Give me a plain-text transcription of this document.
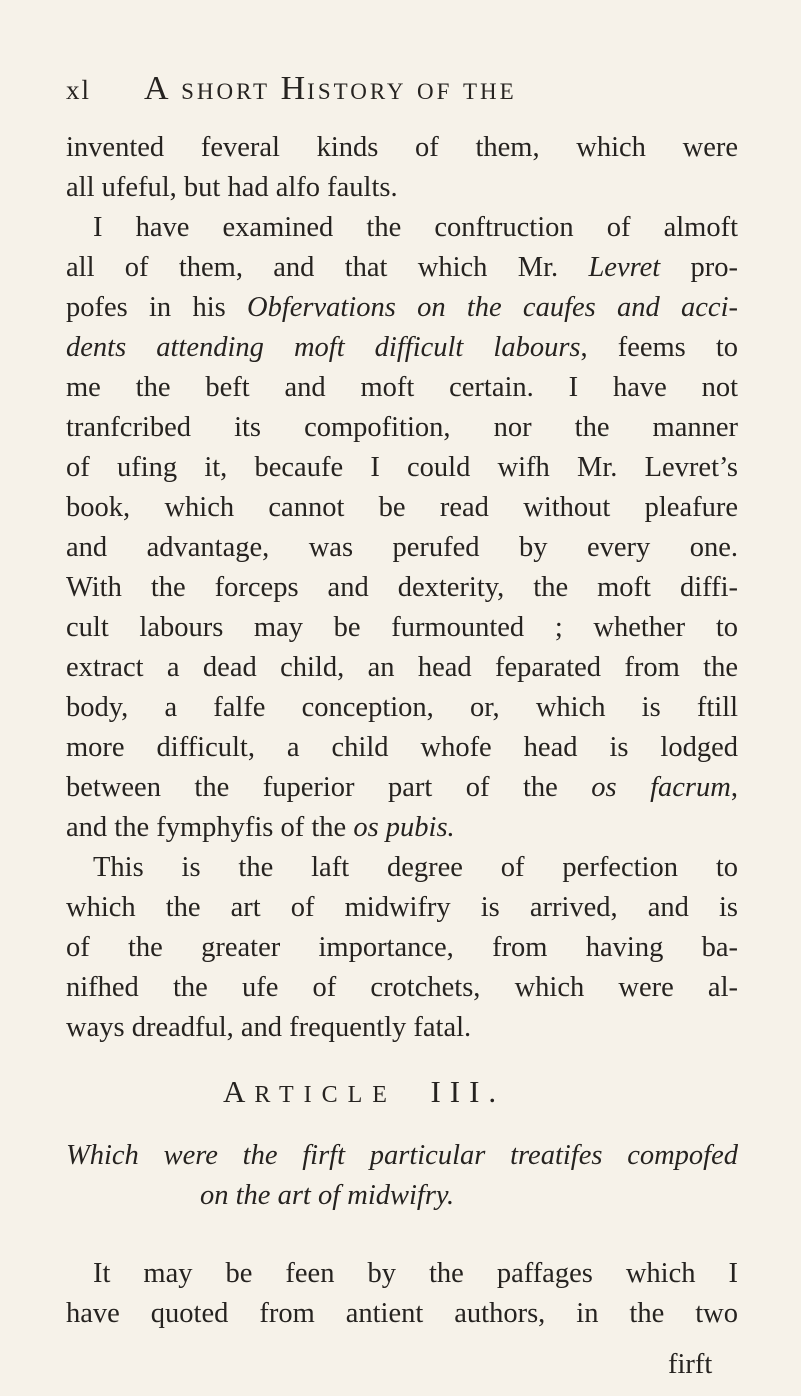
xl A SHORT HISTORY OF THE
invented feveral kinds of them, which were
all ufeful, but had alfo faults.
I have examined the conftruction of almoft
all of them, and that which Mr. Levret pro-
pofes in his Obfervations on the caufes and acci-
dents attending moft difficult labours, feems to
me the beft and moft certain. I have not
tranfcribed its compofition, nor the manner
of ufing it, becaufe I could wifh Mr. Levret’s
book, which cannot be read without pleafure
and advantage, was perufed by every one.
With the forceps and dexterity, the moft diffi-
cult labours may be furmounted ; whether to
extract a dead child, an head feparated from the
body, a falfe conception, or, which is ftill
more difficult, a child whofe head is lodged
between the fuperior part of the os facrum,
and the fymphyfis of the os pubis.
This is the laft degree of perfection to
which the art of midwifry is arrived, and is
of the greater importance, from having ba-
nifhed the ufe of crotchets, which were al-
ways dreadful, and frequently fatal.
ARTICLE III.
Which were the firft particular treatifes compofed
on the art of midwifry.
It may be feen by the paffages which I
have quoted from antient authors, in the two
firft
